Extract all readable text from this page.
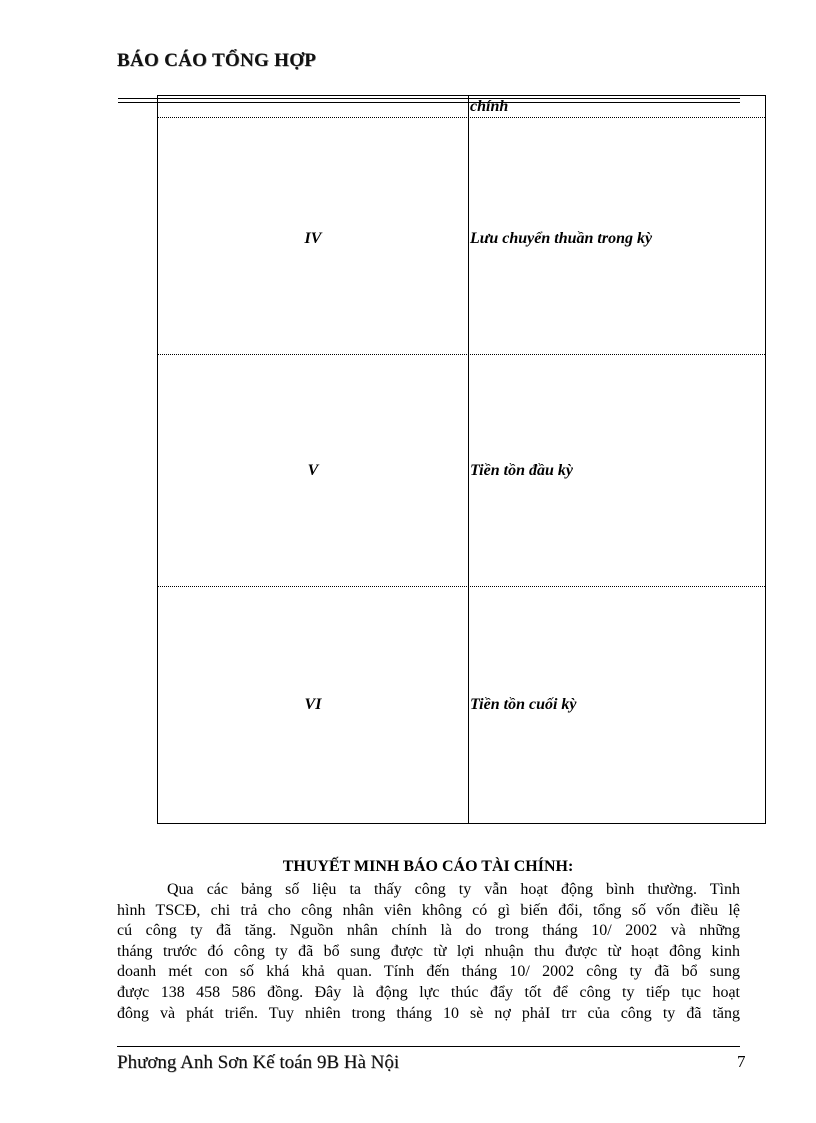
BÁO CÁO TỔNG HỢP
chính
IV	Lưu chuyển thuần trong kỳ
V	Tiền tồn đầu kỳ
VI	Tiền tồn cuối kỳ
THUYẾT MINH BÁO CÁO TÀI CHÍNH:
Qua các bảng số liệu ta thấy công ty vẫn hoạt động bình thường. Tình
hình TSCĐ, chi trả cho công nhân viên không có gì biến đổi, tổng số vốn điều lệ
cú công ty đã tăng. Nguồn nhân chính là do trong tháng 10/ 2002 và những
tháng trước đó công ty đã bổ sung được từ lợi nhuận thu được từ hoạt đông kinh
doanh mét con số khá khả quan. Tính đến tháng 10/ 2002 công ty đã bổ sung
được 138 458 586 đồng. Đây là động lực thúc đẩy tốt để công ty tiếp tục hoạt
đông và phát triển. Tuy nhiên trong tháng 10 sè nợ phảI trr của công ty đã tăng
Phương Anh Sơn Kế toán 9B Hà Nội	7
